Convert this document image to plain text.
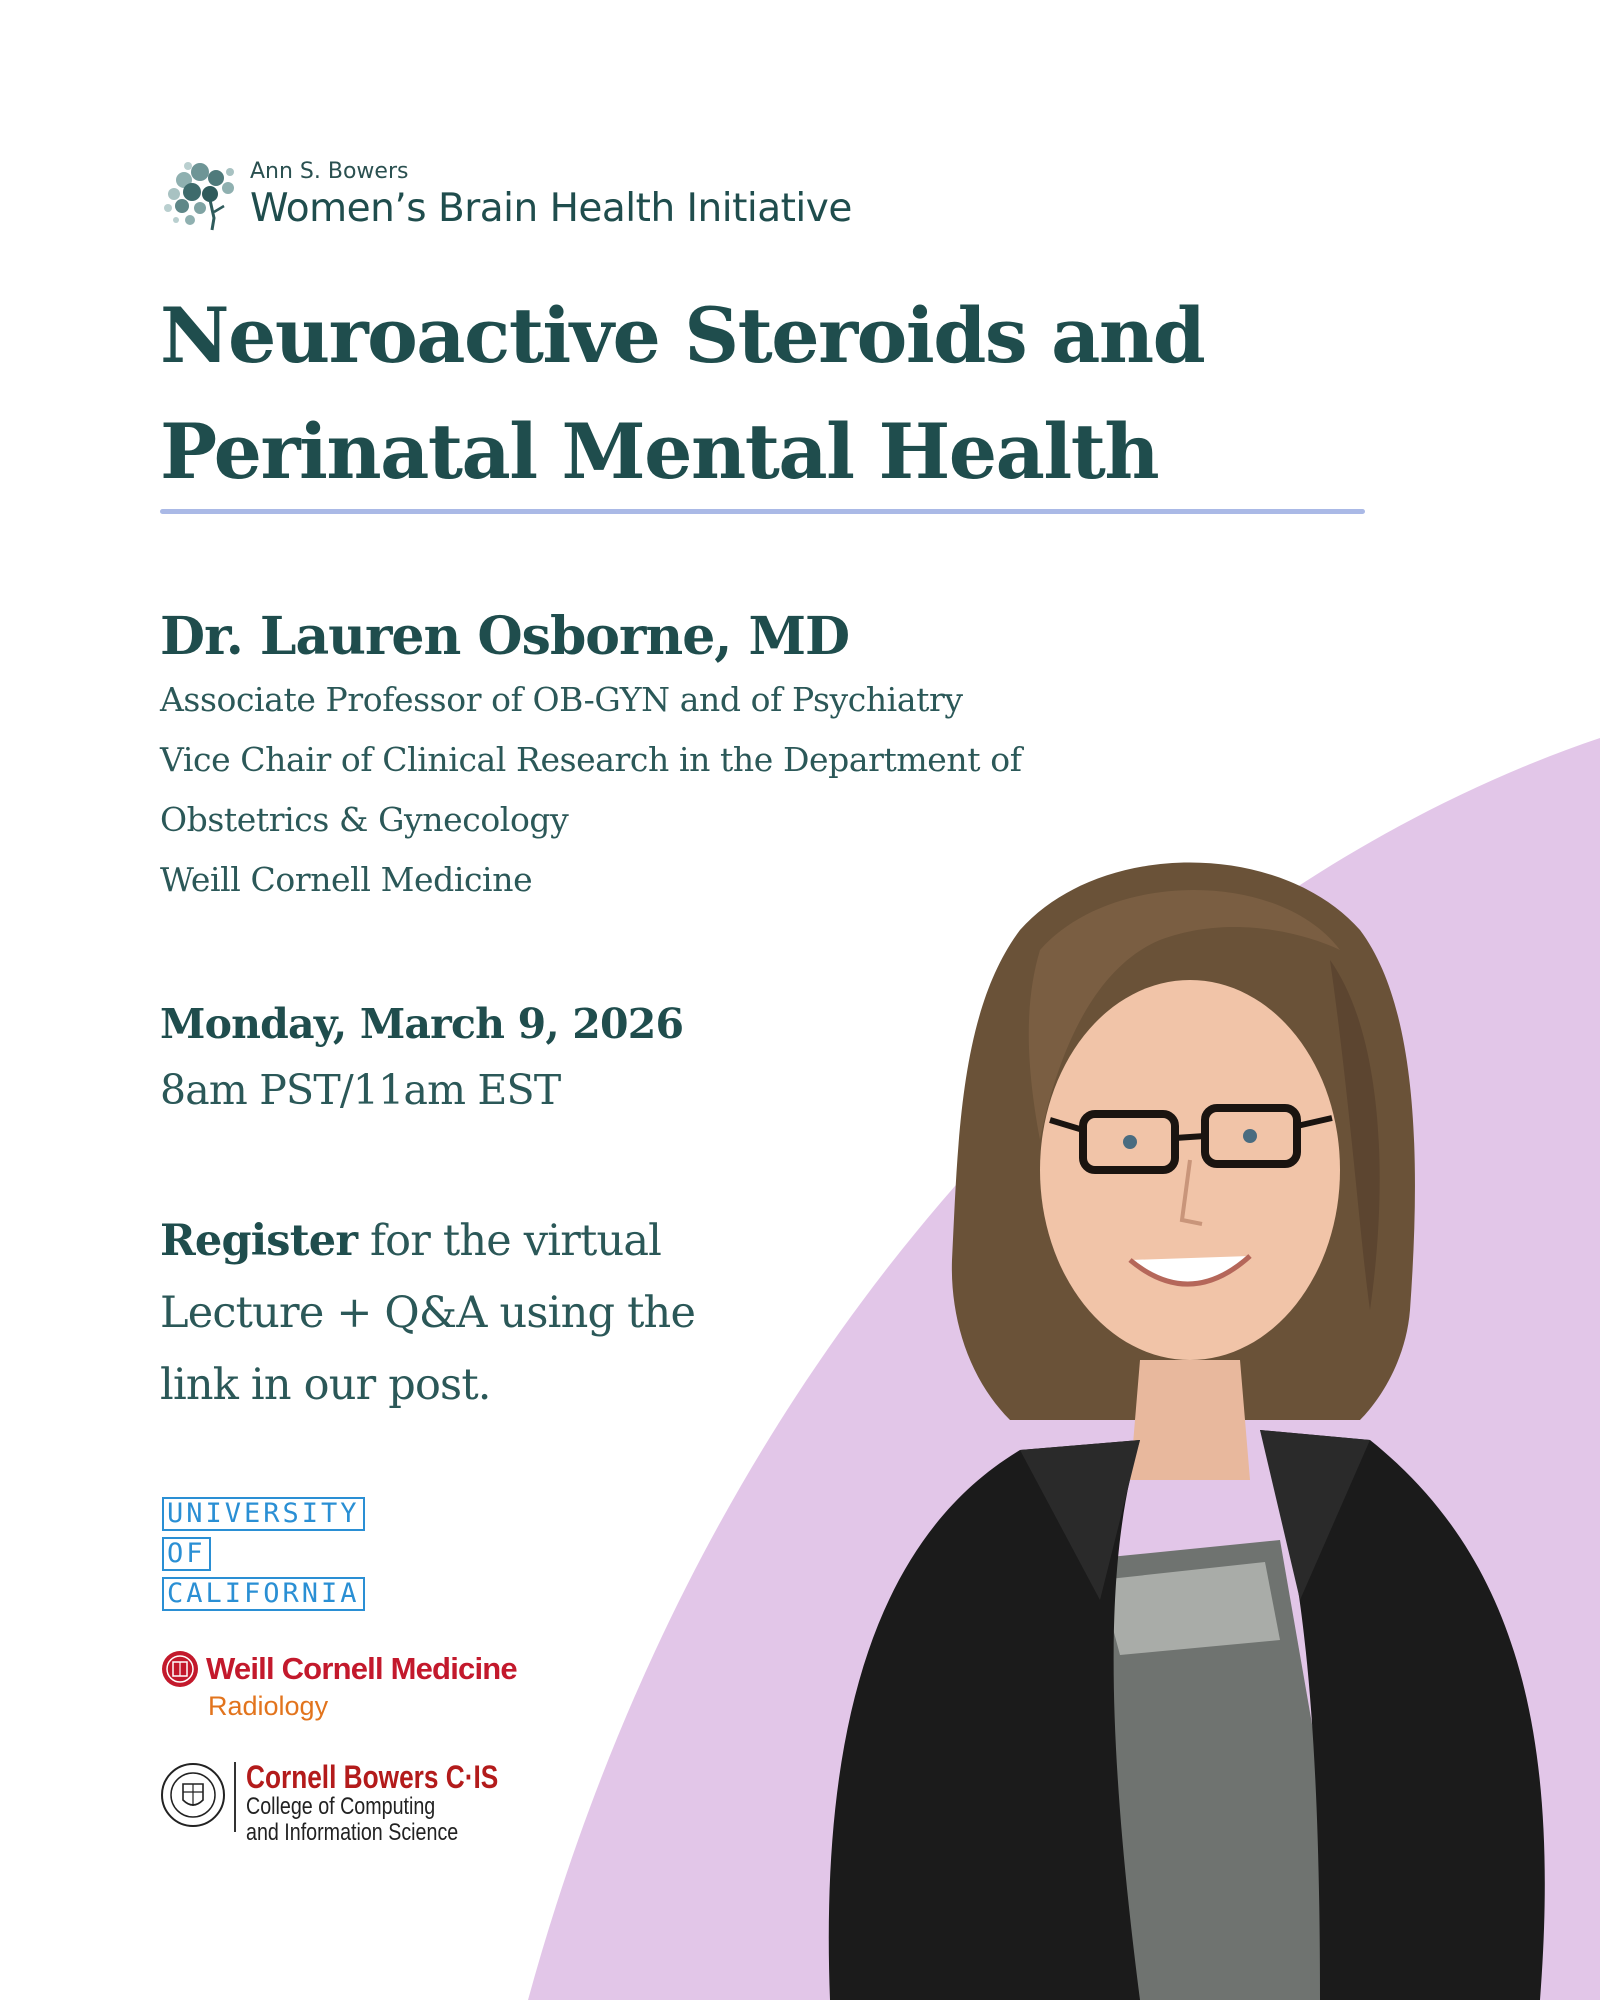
Ann S. Bowers
Women’s Brain Health Initiative
Neuroactive Steroids and
Perinatal Mental Health
Dr. Lauren Osborne, MD
Associate Professor of OB-GYN and of Psychiatry
Vice Chair of Clinical Research in the Department of
Obstetrics & Gynecology
Weill Cornell Medicine
Monday, March 9, 2026
8am PST/11am EST

Register for the virtual

Lecture + Q&A using the

link in our post.

UNIVERSITY
OF
CALIFORNIA
Weill Cornell Medicine
Radiology
Cornell Bowers C·IS
College of Computing
and Information Science
